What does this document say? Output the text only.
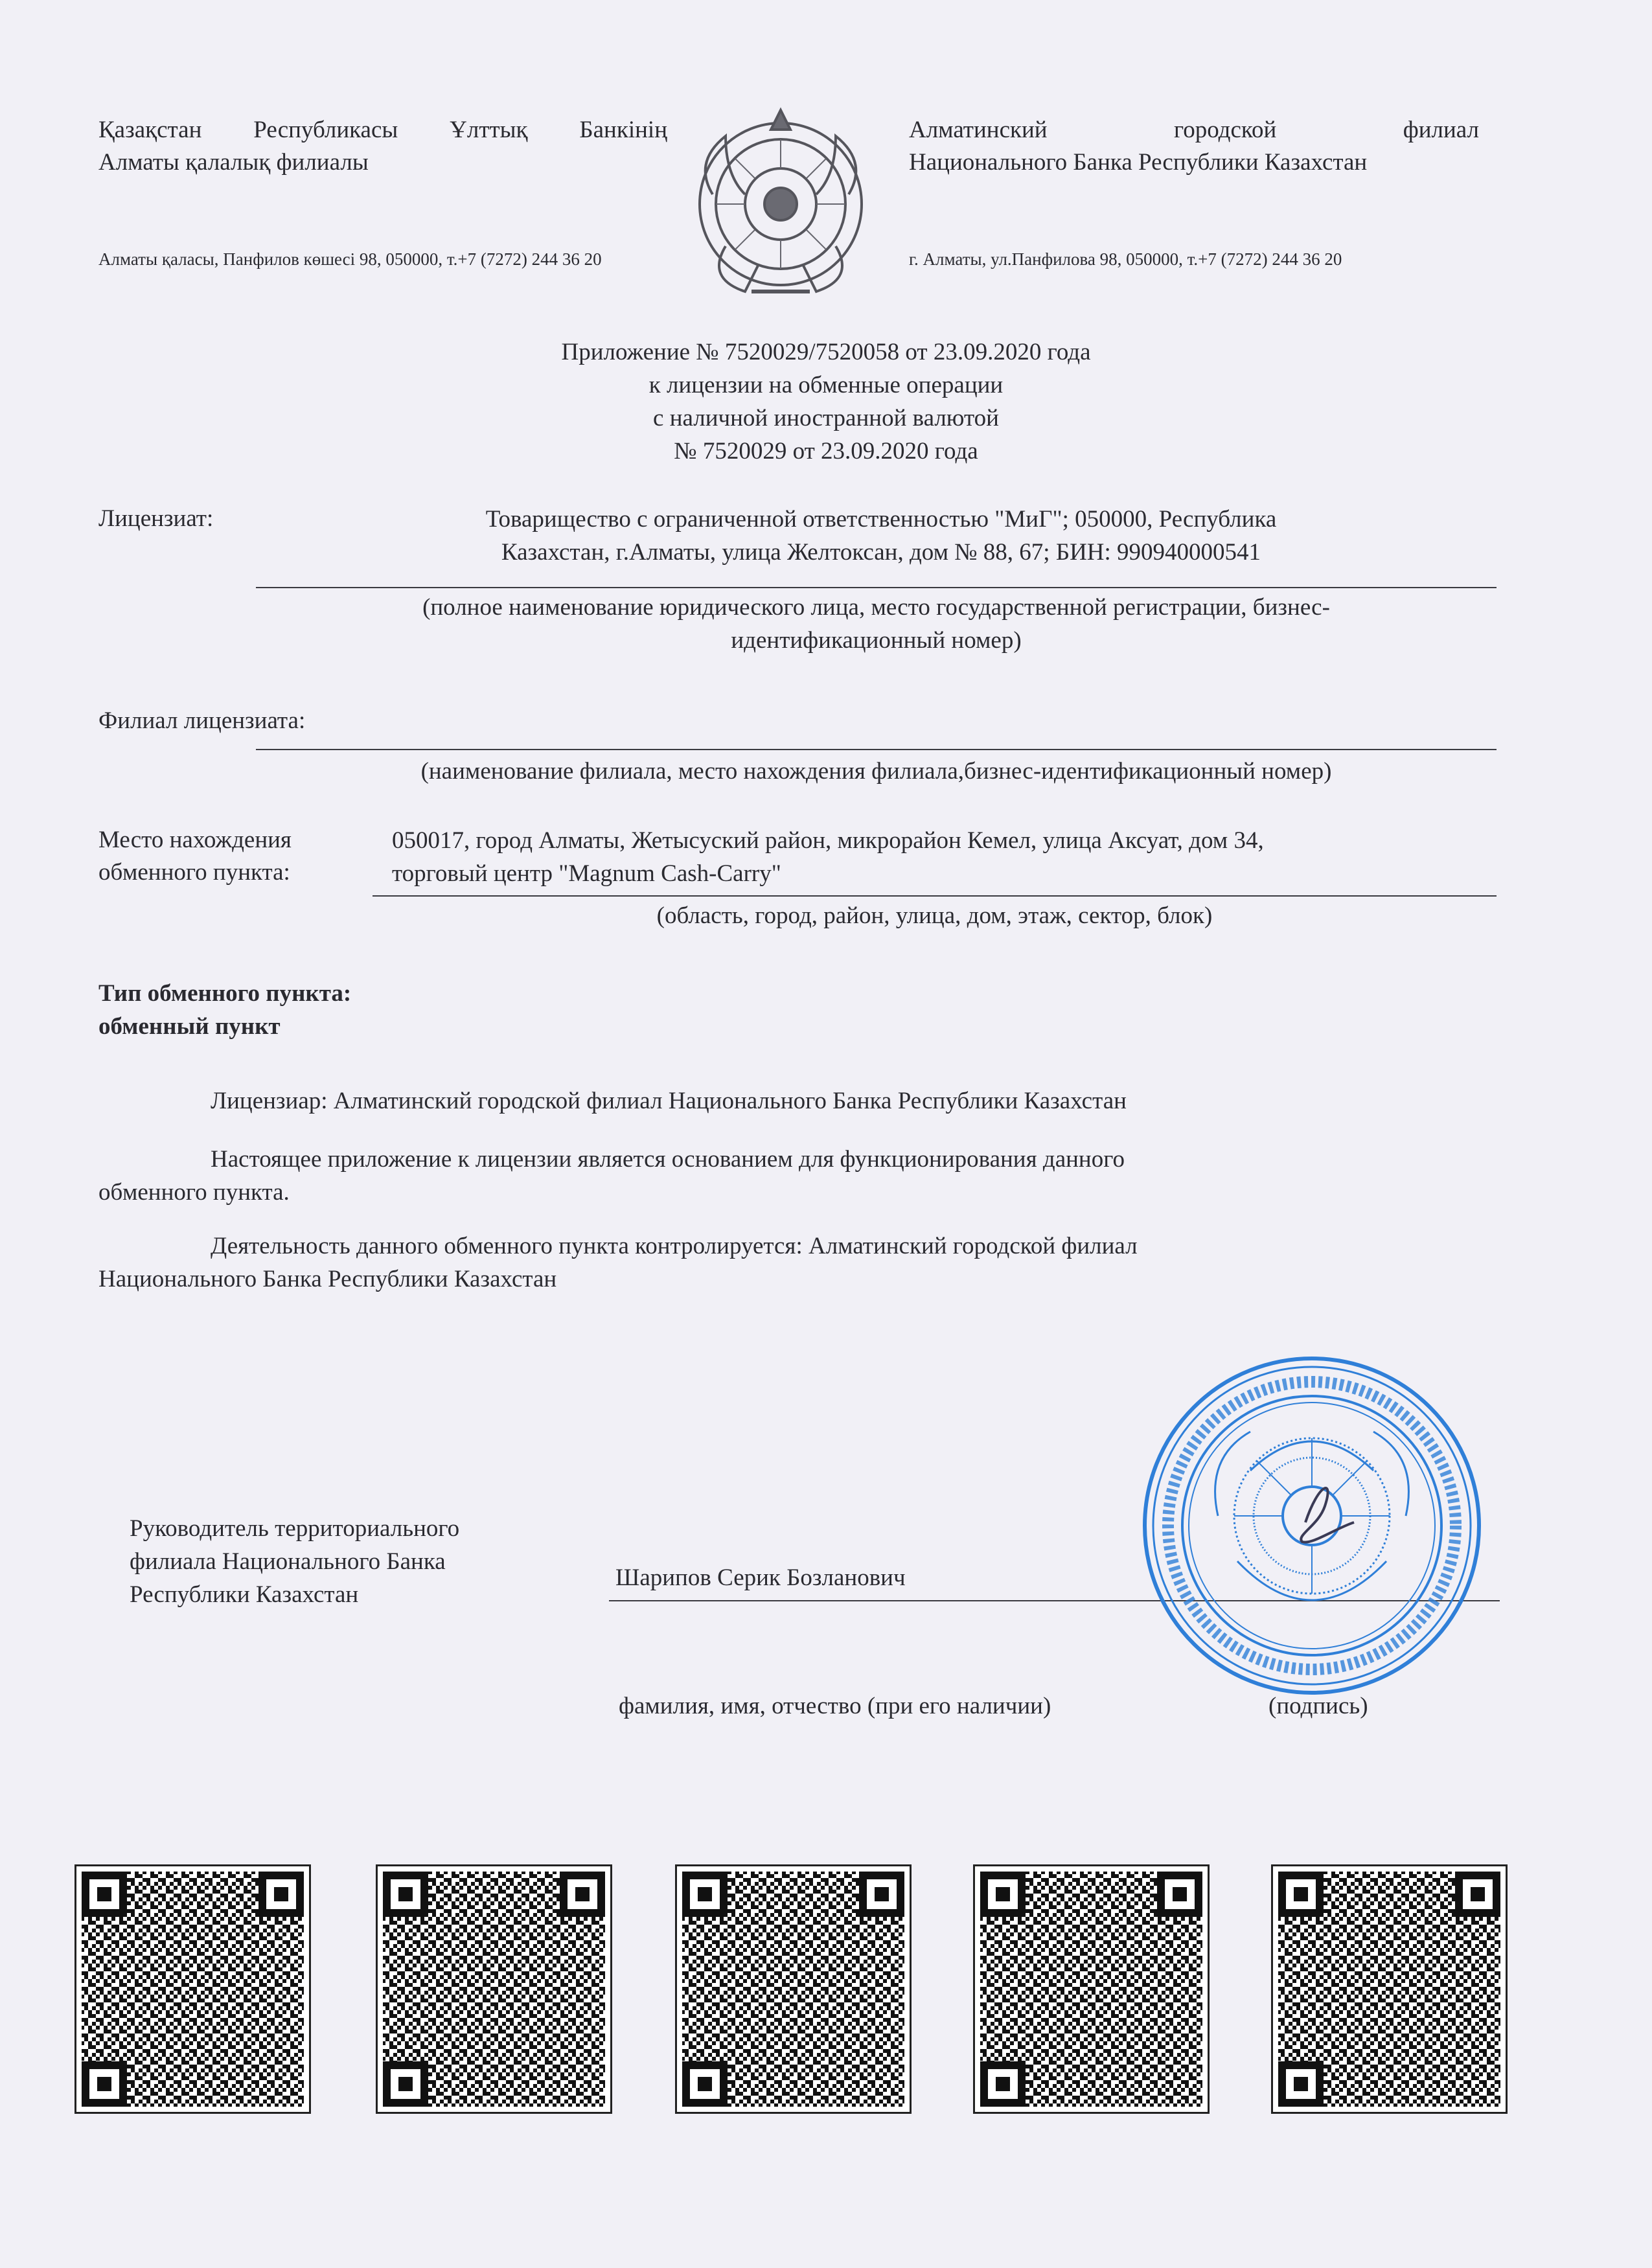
Қазақстан Республикасы Ұлттық Банкінің
Алматы қалалық филиалы
Алматы қаласы, Панфилов көшесі 98, 050000, т.+7 (7272) 244 36 20
Алматинский городской филиал
Национального Банка Республики Казахстан
г. Алматы, ул.Панфилова 98, 050000, т.+7 (7272) 244 36 20
Приложение № 7520029/7520058 от 23.09.2020 года
к лицензии на обменные операции
с наличной иностранной валютой
№ 7520029 от 23.09.2020 года
Лицензиат:	Товарищество с ограниченной ответственностью "МиГ"; 050000, Республика
Казахстан, г.Алматы, улица Желтоксан, дом № 88, 67; БИН: 990940000541
(полное наименование юридического лица, место государственной регистрации, бизнес-
идентификационный номер)
Филиал лицензиата:
(наименование филиала, место нахождения филиала,бизнес-идентификационный номер)
Место нахождения
обменного пункта:
050017, город Алматы, Жетысуский район, микрорайон Кемел, улица Аксуат, дом 34,
торговый центр "Magnum Cash-Carry"
(область, город, район, улица, дом, этаж, сектор, блок)
Тип обменного пункта:
обменный пункт
Лицензиар: Алматинский городской филиал Национального Банка Республики Казахстан
Настоящее приложение к лицензии является основанием для функционирования данного
обменного пункта.
Деятельность данного обменного пункта контролируется: Алматинский городской филиал
Национального Банка Республики Казахстан
Руководитель территориального
филиала Национального Банка
Республики Казахстан
Шарипов Серик Бозланович
фамилия, имя, отчество (при его наличии)	(подпись)
